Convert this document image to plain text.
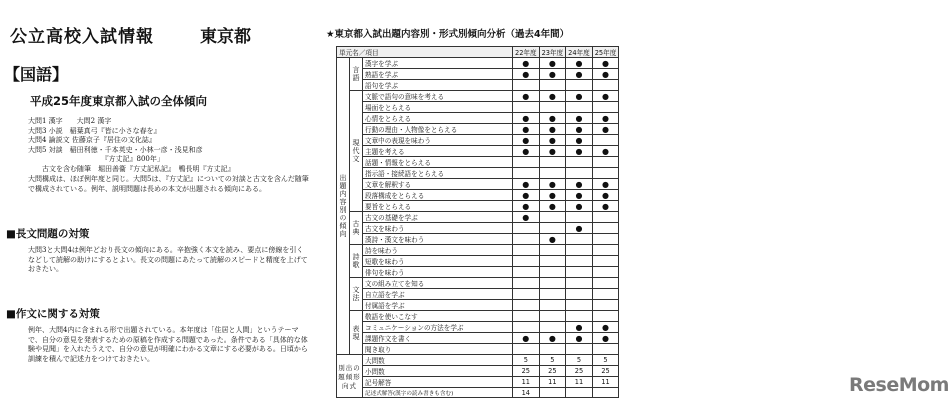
公立高校入試情報	東京都
【国語】
平成25年度東京都入試の全体傾向
大問1 漢字　　大問2 漢字
大問3 小説　稲葉真弓『皆に小さな春を』
大問4 論説文 佐藤京子『居住の文化誌』
大問5 対談　稲田利徳・千本英史・小林一彦・浅見和彦
　　　　　　　　　　　『方丈記』800年」
　　古文を含む随筆　堀田善衞『方丈記私記』　鴨長明『方丈記』
大問構成は、ほぼ例年度と同じ。大問5は、『方丈記』についての対談と古文を含んだ随筆で構成されている。例年、説明問題は長めの本文が出題される傾向にある。
■長文問題の対策
大問3と大問4は例年どおり長文の傾向にある。辛抱強く本文を読み、要点に傍線を引くなどして読解の助けにするとよい。長文の問題にあたって読解のスピードと精度を上げておきたい。
■作文に関する対策
例年、大問4内に含まれる形で出題されている。本年度は「住居と人間」というテーマで、自分の意見を発表するための原稿を作成する問題であった。条件である「具体的な体験や見聞」を入れたうえで、自分の意見が明確にわかる文章にする必要がある。日頃から訓練を積んで記述力をつけておきたい。
★東京都入試出題内容別・形式別傾向分析（過去4年間）
単元名／項目			22年度	23年度	24年度	25年度
出題内容別の傾向	言語	漢字を学ぶ	●	●	●	●
		熟語を学ぶ	●	●	●	●
		語句を学ぶ				
	現代文	文脈で語句の意味を考える	●	●	●	●
		場面をとらえる				
		心情をとらえる	●	●	●	●
		行動の理由・人物像をとらえる	●	●	●	●
		文章中の表現を味わう	●	●	●	
		主題を考える	●	●	●	●
		話題・情報をとらえる				
		指示語・接続語をとらえる				
		文章を解釈する	●	●	●	●
		段落構成をとらえる	●	●	●	●
		要旨をとらえる	●	●	●	●
	古典	古文の基礎を学ぶ	●			
		古文を味わう			●	
		漢詩・漢文を味わう		●		
	詩歌	詩を味わう				
		短歌を味わう				
		俳句を味わう				
	文法	文の組み立てを知る				
		自立語を学ぶ				
		付属語を学ぶ				
	表現	敬語を使いこなす				
		コミュニケーションの方法を学ぶ			●	●
		課題作文を書く	●	●	●	●
		聞き取り				
別出の題傾形向式		大問数	5	5	5	5
		小問数	25	25	25	25
		記号解答	11	11	11	11
		記述式解答(漢字の読み書きも含む)	14				ReseMom
